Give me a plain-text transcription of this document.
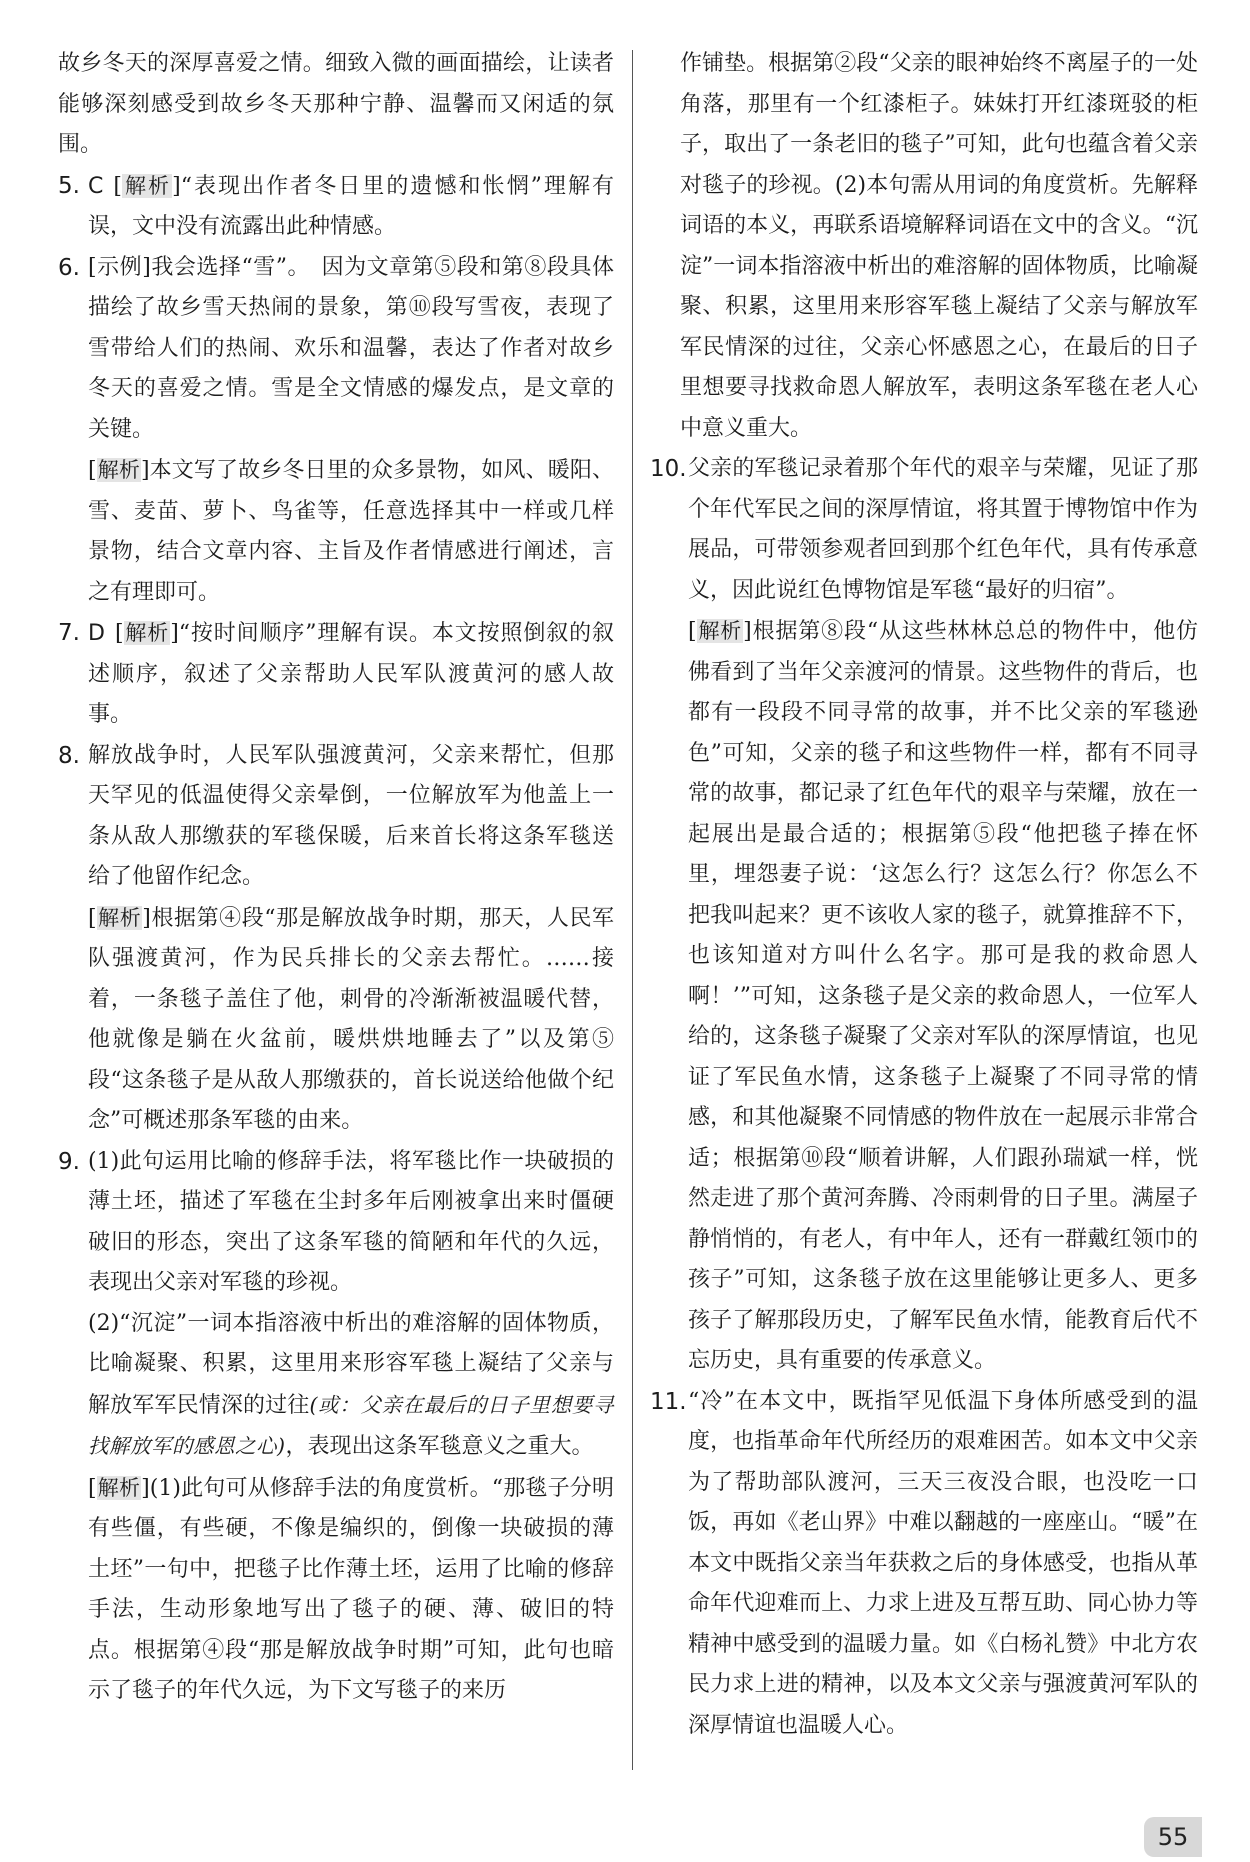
故乡冬天的深厚喜爱之情。细致入微的画面描绘，让读者能够深刻感受到故乡冬天那种宁静、温馨而又闲适的氛围。
5. C [解析]“表现出作者冬日里的遗憾和怅惘”理解有误，文中没有流露出此种情感。
6. [示例]我会选择“雪”。　因为文章第⑤段和第⑧段具体描绘了故乡雪天热闹的景象，第⑩段写雪夜，表现了雪带给人们的热闹、欢乐和温馨，表达了作者对故乡冬天的喜爱之情。雪是全文情感的爆发点，是文章的关键。
[解析]本文写了故乡冬日里的众多景物，如风、暖阳、雪、麦苗、萝卜、鸟雀等，任意选择其中一样或几样景物，结合文章内容、主旨及作者情感进行阐述，言之有理即可。
7. D [解析]“按时间顺序”理解有误。本文按照倒叙的叙述顺序，叙述了父亲帮助人民军队渡黄河的感人故事。
8. 解放战争时，人民军队强渡黄河，父亲来帮忙，但那天罕见的低温使得父亲晕倒，一位解放军为他盖上一条从敌人那缴获的军毯保暖，后来首长将这条军毯送给了他留作纪念。
[解析]根据第④段“那是解放战争时期，那天，人民军队强渡黄河，作为民兵排长的父亲去帮忙。……接着，一条毯子盖住了他，刺骨的冷渐渐被温暖代替，他就像是躺在火盆前，暖烘烘地睡去了”以及第⑤段“这条毯子是从敌人那缴获的，首长说送给他做个纪念”可概述那条军毯的由来。
9. (1)此句运用比喻的修辞手法，将军毯比作一块破损的薄土坯，描述了军毯在尘封多年后刚被拿出来时僵硬破旧的形态，突出了这条军毯的简陋和年代的久远，表现出父亲对军毯的珍视。
(2)“沉淀”一词本指溶液中析出的难溶解的固体物质，比喻凝聚、积累，这里用来形容军毯上凝结了父亲与解放军军民情深的过往(或：父亲在最后的日子里想要寻找解放军的感恩之心)，表现出这条军毯意义之重大。
[解析](1)此句可从修辞手法的角度赏析。“那毯子分明有些僵，有些硬，不像是编织的，倒像一块破损的薄土坯”一句中，把毯子比作薄土坯，运用了比喻的修辞手法，生动形象地写出了毯子的硬、薄、破旧的特点。根据第④段“那是解放战争时期”可知，此句也暗示了毯子的年代久远，为下文写毯子的来历
作铺垫。根据第②段“父亲的眼神始终不离屋子的一处角落，那里有一个红漆柜子。妹妹打开红漆斑驳的柜子，取出了一条老旧的毯子”可知，此句也蕴含着父亲对毯子的珍视。(2)本句需从用词的角度赏析。先解释词语的本义，再联系语境解释词语在文中的含义。“沉淀”一词本指溶液中析出的难溶解的固体物质，比喻凝聚、积累，这里用来形容军毯上凝结了父亲与解放军军民情深的过往，父亲心怀感恩之心，在最后的日子里想要寻找救命恩人解放军，表明这条军毯在老人心中意义重大。
10. 父亲的军毯记录着那个年代的艰辛与荣耀，见证了那个年代军民之间的深厚情谊，将其置于博物馆中作为展品，可带领参观者回到那个红色年代，具有传承意义，因此说红色博物馆是军毯“最好的归宿”。
[解析]根据第⑧段“从这些林林总总的物件中，他仿佛看到了当年父亲渡河的情景。这些物件的背后，也都有一段段不同寻常的故事，并不比父亲的军毯逊色”可知，父亲的毯子和这些物件一样，都有不同寻常的故事，都记录了红色年代的艰辛与荣耀，放在一起展出是最合适的；根据第⑤段“他把毯子捧在怀里，埋怨妻子说：‘这怎么行？这怎么行？你怎么不把我叫起来？更不该收人家的毯子，就算推辞不下，也该知道对方叫什么名字。那可是我的救命恩人啊！’”可知，这条毯子是父亲的救命恩人，一位军人给的，这条毯子凝聚了父亲对军队的深厚情谊，也见证了军民鱼水情，这条毯子上凝聚了不同寻常的情感，和其他凝聚不同情感的物件放在一起展示非常合适；根据第⑩段“顺着讲解，人们跟孙瑞斌一样，恍然走进了那个黄河奔腾、冷雨刺骨的日子里。满屋子静悄悄的，有老人，有中年人，还有一群戴红领巾的孩子”可知，这条毯子放在这里能够让更多人、更多孩子了解那段历史，了解军民鱼水情，能教育后代不忘历史，具有重要的传承意义。
11. “冷”在本文中，既指罕见低温下身体所感受到的温度，也指革命年代所经历的艰难困苦。如本文中父亲为了帮助部队渡河，三天三夜没合眼，也没吃一口饭，再如《老山界》中难以翻越的一座座山。“暖”在本文中既指父亲当年获救之后的身体感受，也指从革命年代迎难而上、力求上进及互帮互助、同心协力等精神中感受到的温暖力量。如《白杨礼赞》中北方农民力求上进的精神，以及本文父亲与强渡黄河军队的深厚情谊也温暖人心。
55
